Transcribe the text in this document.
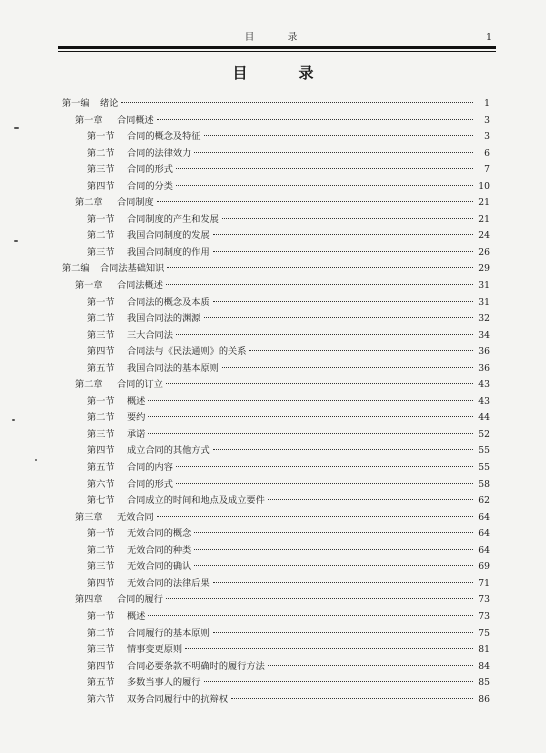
目　录	1
目　录
第一编	绪论	1
第一章	合同概述	3
第一节	合同的概念及特征	3
第二节	合同的法律效力	6
第三节	合同的形式	7
第四节	合同的分类	10
第二章	合同制度	21
第一节	合同制度的产生和发展	21
第二节	我国合同制度的发展	24
第三节	我国合同制度的作用	26
第二编	合同法基础知识	29
第一章	合同法概述	31
第一节	合同法的概念及本质	31
第二节	我国合同法的渊源	32
第三节	三大合同法	34
第四节	合同法与《民法通则》的关系	36
第五节	我国合同法的基本原则	36
第二章	合同的订立	43
第一节	概述	43
第二节	要约	44
第三节	承诺	52
第四节	成立合同的其他方式	55
第五节	合同的内容	55
第六节	合同的形式	58
第七节	合同成立的时间和地点及成立要件	62
第三章	无效合同	64
第一节	无效合同的概念	64
第二节	无效合同的种类	64
第三节	无效合同的确认	69
第四节	无效合同的法律后果	71
第四章	合同的履行	73
第一节	概述	73
第二节	合同履行的基本原则	75
第三节	情事变更原则	81
第四节	合同必要条款不明确时的履行方法	84
第五节	多数当事人的履行	85
第六节	双务合同履行中的抗辩权	86
